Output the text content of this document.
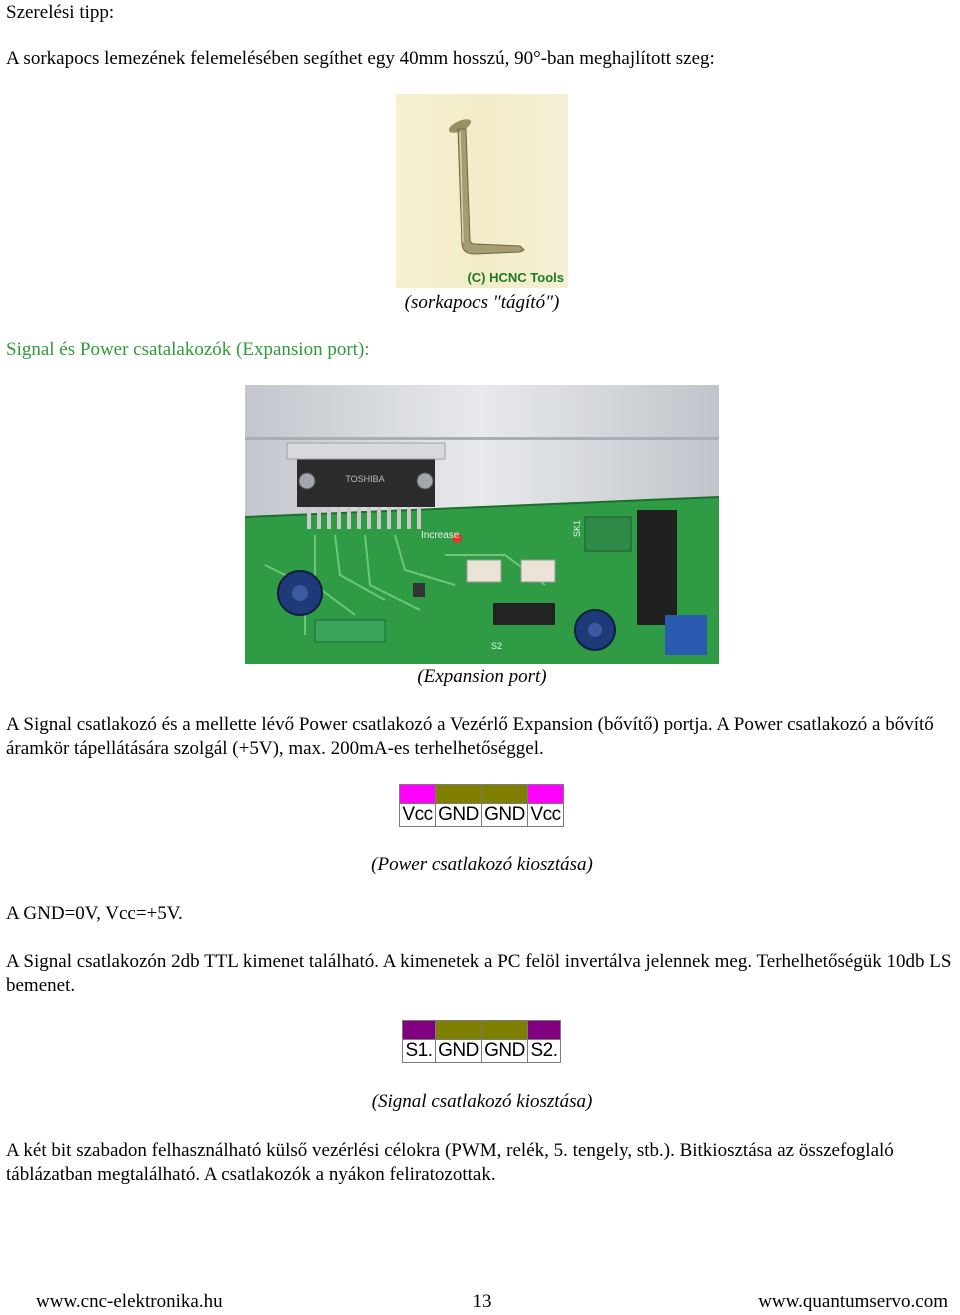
Szerelési tipp:
A sorkapocs lemezének felemelésében segíthet egy 40mm hosszú, 90°-ban meghajlított szeg:
(C) HCNC Tools
(sorkapocs "tágító")
Signal és Power csatalakozók (Expansion port):
TOSHIBA
Increase	SK1
S2
(Expansion port)
A Signal csatlakozó és a mellette lévő Power csatlakozó a Vezérlő Expansion (bővítő) portja. A Power csatlakozó a bővítő áramkör tápellátására szolgál (+5V), max. 200mA-es terhelhetőséggel.

Vcc	GND	GND	Vcc
(Power csatlakozó kiosztása)
A GND=0V, Vcc=+5V.
A Signal csatlakozón 2db TTL kimenet található. A kimenetek a PC felöl invertálva jelennek meg. Terhelhetőségük 10db LS bemenet.

S1.	GND	GND	S2.
(Signal csatlakozó kiosztása)
A két bit szabadon felhasználható külső vezérlési célokra (PWM, relék, 5. tengely, stb.). Bitkiosztása az összefoglaló táblázatban megtalálható. A csatlakozók a nyákon feliratozottak.
www.cnc-elektronika.hu	13	www.quantumservo.com
